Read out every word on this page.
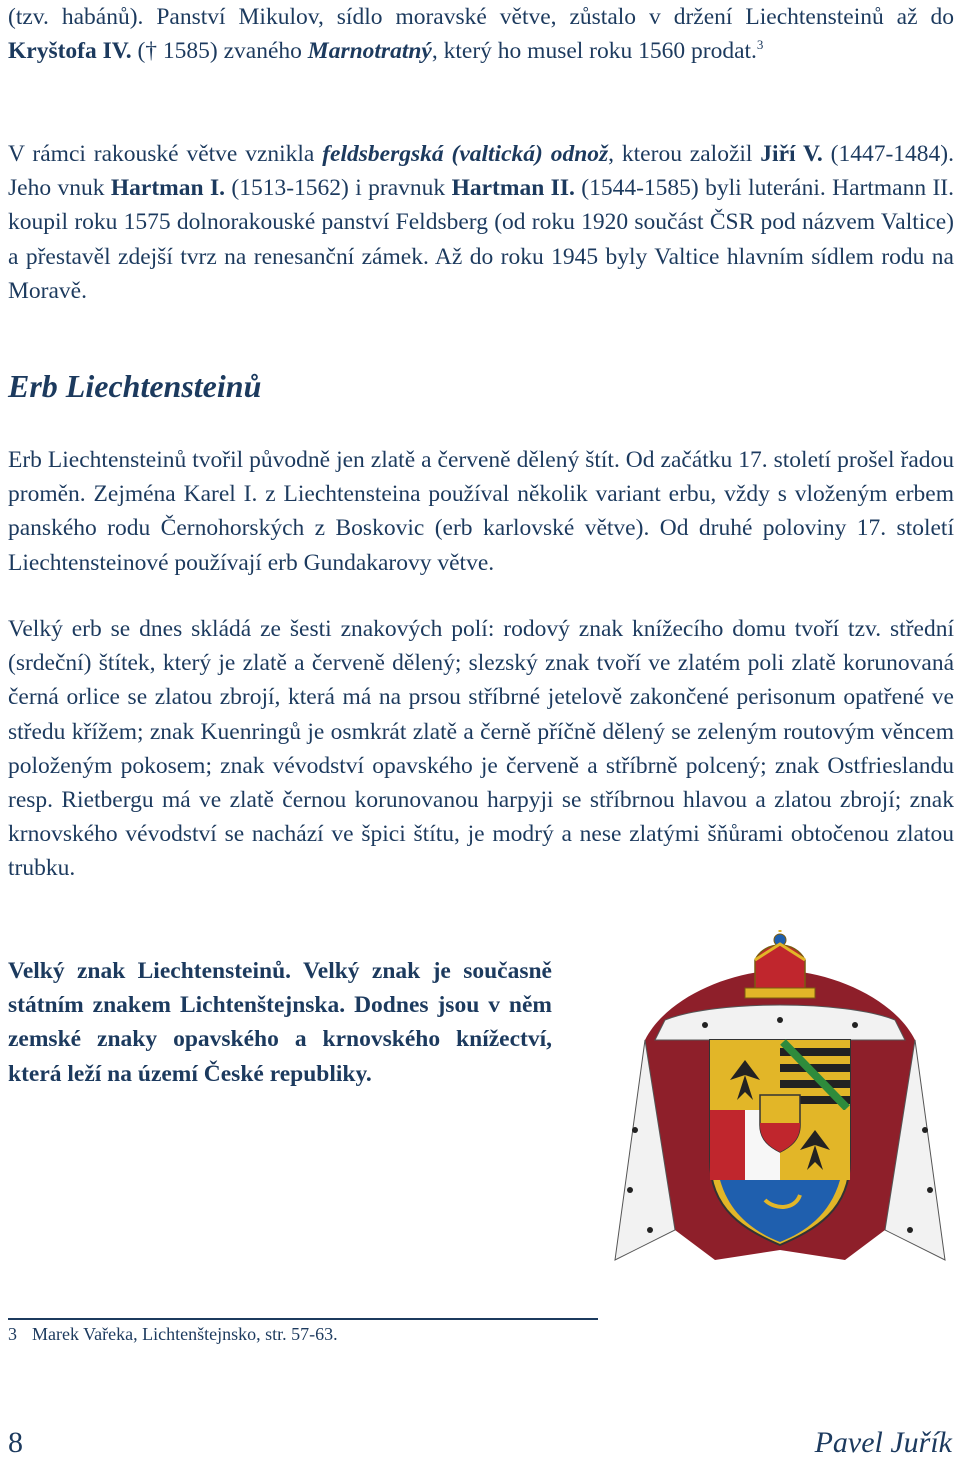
(tzv. habánů). Panství Mikulov, sídlo moravské větve, zůstalo v držení Liechtensteinů až do Kryštofa IV. († 1585) zvaného Marnotratný, který ho musel roku 1560 prodat.$^3$

V rámci rakouské větve vznikla feldsbergská (valtická) odnož, kterou založil Jiří V. (1447-1484). Jeho vnuk Hartman I. (1513-1562) i pravnuk Hartman II. (1544-1585) byli luteráni. Hartmann II. koupil roku 1575 dolnorakouské panství Feldsberg (od roku 1920 součást ČSR pod názvem Valtice) a přestavěl zdejší tvrz na renesanční zámek. Až do roku 1945 byly Valtice hlavním sídlem rodu na Moravě.

Erb Liechtensteinů

Erb Liechtensteinů tvořil původně jen zlatě a červeně dělený štít. Od začátku 17. století prošel řadou proměn. Zejména Karel I. z Liechtensteina používal několik variant erbu, vždy s vloženým erbem panského rodu Černohorských z Boskovic (erb karlovské větve). Od druhé poloviny 17. století Liechtensteinové používají erb Gundakarovy větve.

Velký erb se dnes skládá ze šesti znakových polí: rodový znak knížecího domu tvoří tzv. střední (srdeční) štítek, který je zlatě a červeně dělený; slezský znak tvoří ve zlatém poli zlatě korunovaná černá orlice se zlatou zbrojí, která má na prsou stříbrné jetelově zakončené perisonum opatřené ve středu křížem; znak Kuenringů je osmkrát zlatě a černě příčně dělený se zeleným routovým věncem položeným pokosem; znak vévodství opavského je červeně a stříbrně polcený; znak Ostfrieslandu resp. Rietbergu má ve zlatě černou korunovanou harpyji se stříbrnou hlavou a zlatou zbrojí; znak krnovského vévodství se nachází ve špici štítu, je modrý a nese zlatými šňůrami obtočenou zlatou trubku.

Velký znak Liechtensteinů. Velký znak je současně státním znakem Lichtenštejnska. Dodnes jsou v něm zemské znaky opavského a krnovského knížectví, která leží na území České republiky.

3 Marek Vařeka, Lichtenštejnsko, str. 57-63.

8	Pavel Juřík
